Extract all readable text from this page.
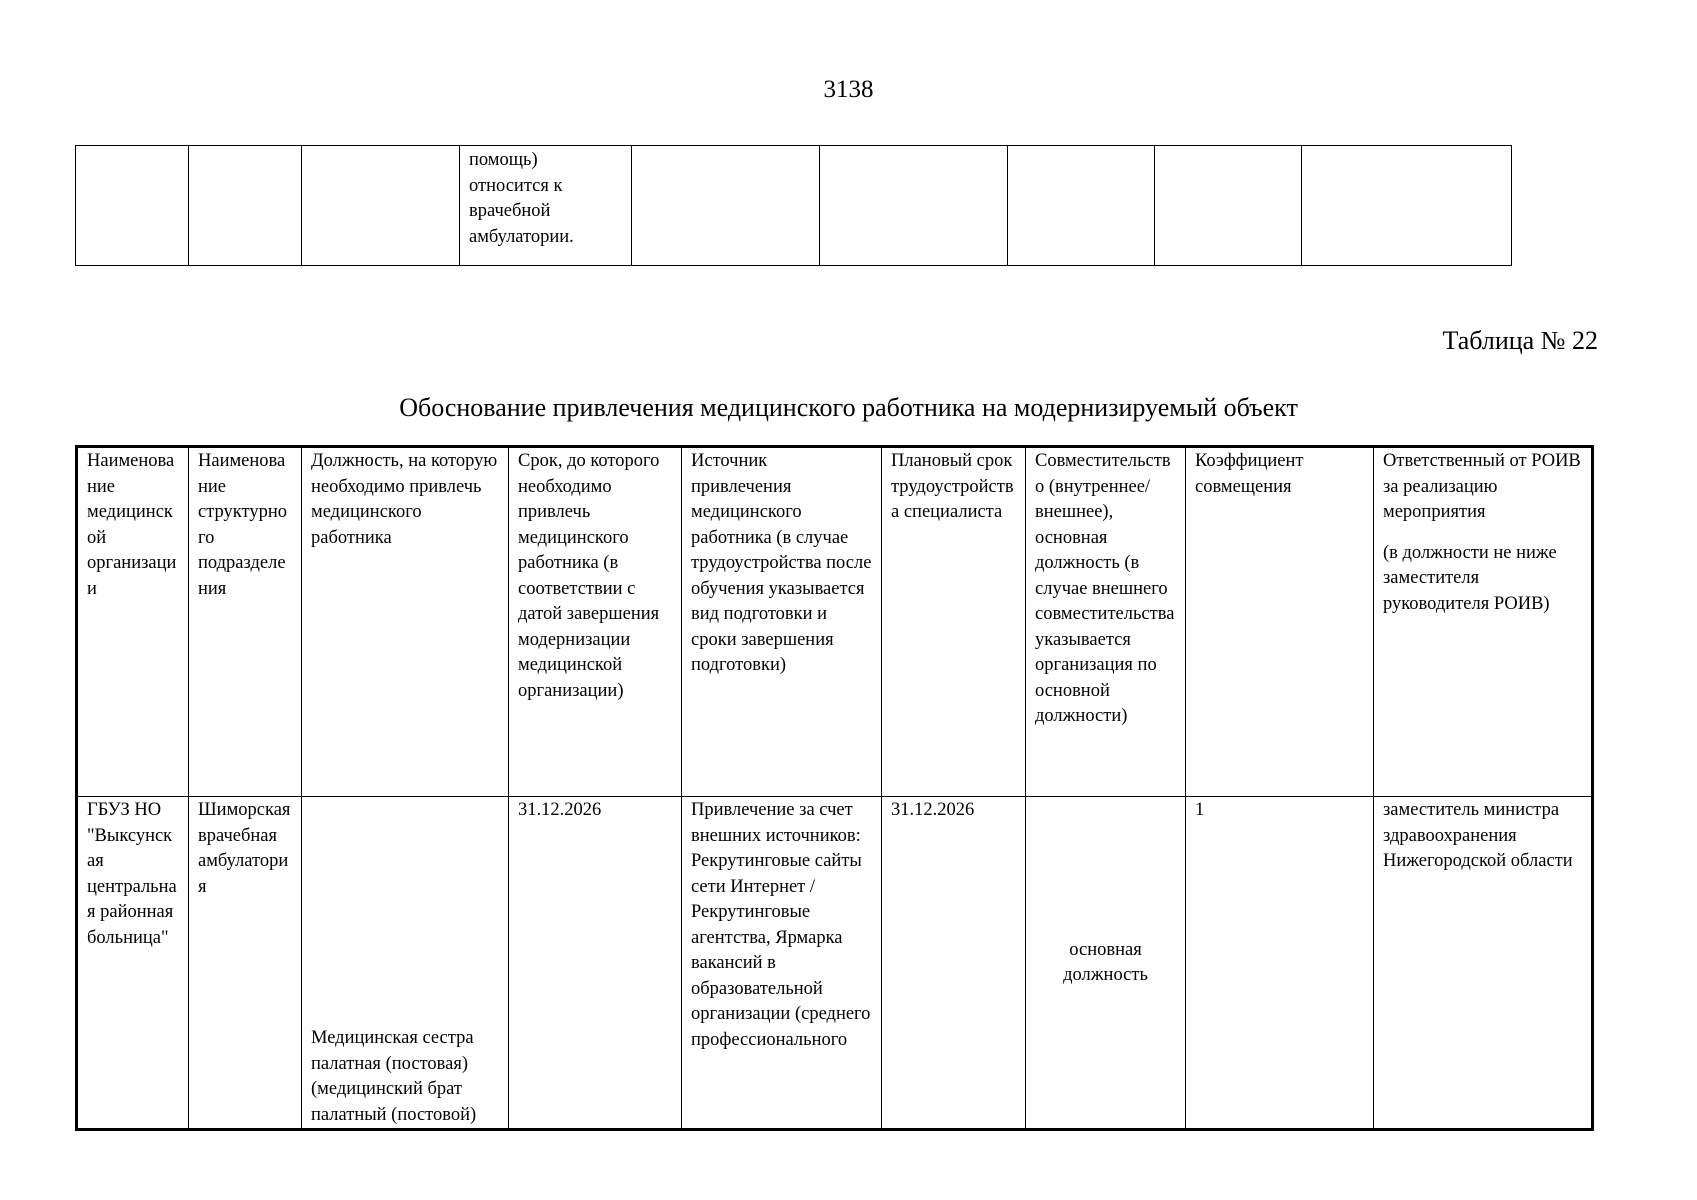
3138
			помощь) относится к врачебной амбулатории.					
Таблица № 22
Обоснование привлечения медицинского работника на модернизируемый объект
Наименование медицинской организации	Наименование структурного подразделения	Должность, на которую необходимо привлечь медицинского работника	Срок, до которого необходимо привлечь медицинского работника (в соответствии с датой завершения модернизации медицинской организации)	Источник привлечения медицинского работника (в случае трудоустройства после обучения указывается вид подготовки и сроки завершения подготовки)	Плановый срок трудоустройства специалиста	Совместительство (внутреннее/внешнее), основная должность (в случае внешнего совместительства указывается организация по основной должности)	Коэффициент совмещения	Ответственный от РОИВ за реализацию мероприятия
(в должности не ниже заместителя руководителя РОИВ)

ГБУЗ НО "Выксунская центральная районная больница"	Шиморская врачебная амбулатория	Медицинская сестра палатная (постовая) (медицинский брат палатный (постовой)	31.12.2026	Привлечение за счет внешних источников: Рекрутинговые сайты сети Интернет / Рекрутинговые агентства, Ярмарка вакансий в образовательной организации (среднего профессионального	31.12.2026	основная должность	1	заместитель министра здравоохранения Нижегородской области
